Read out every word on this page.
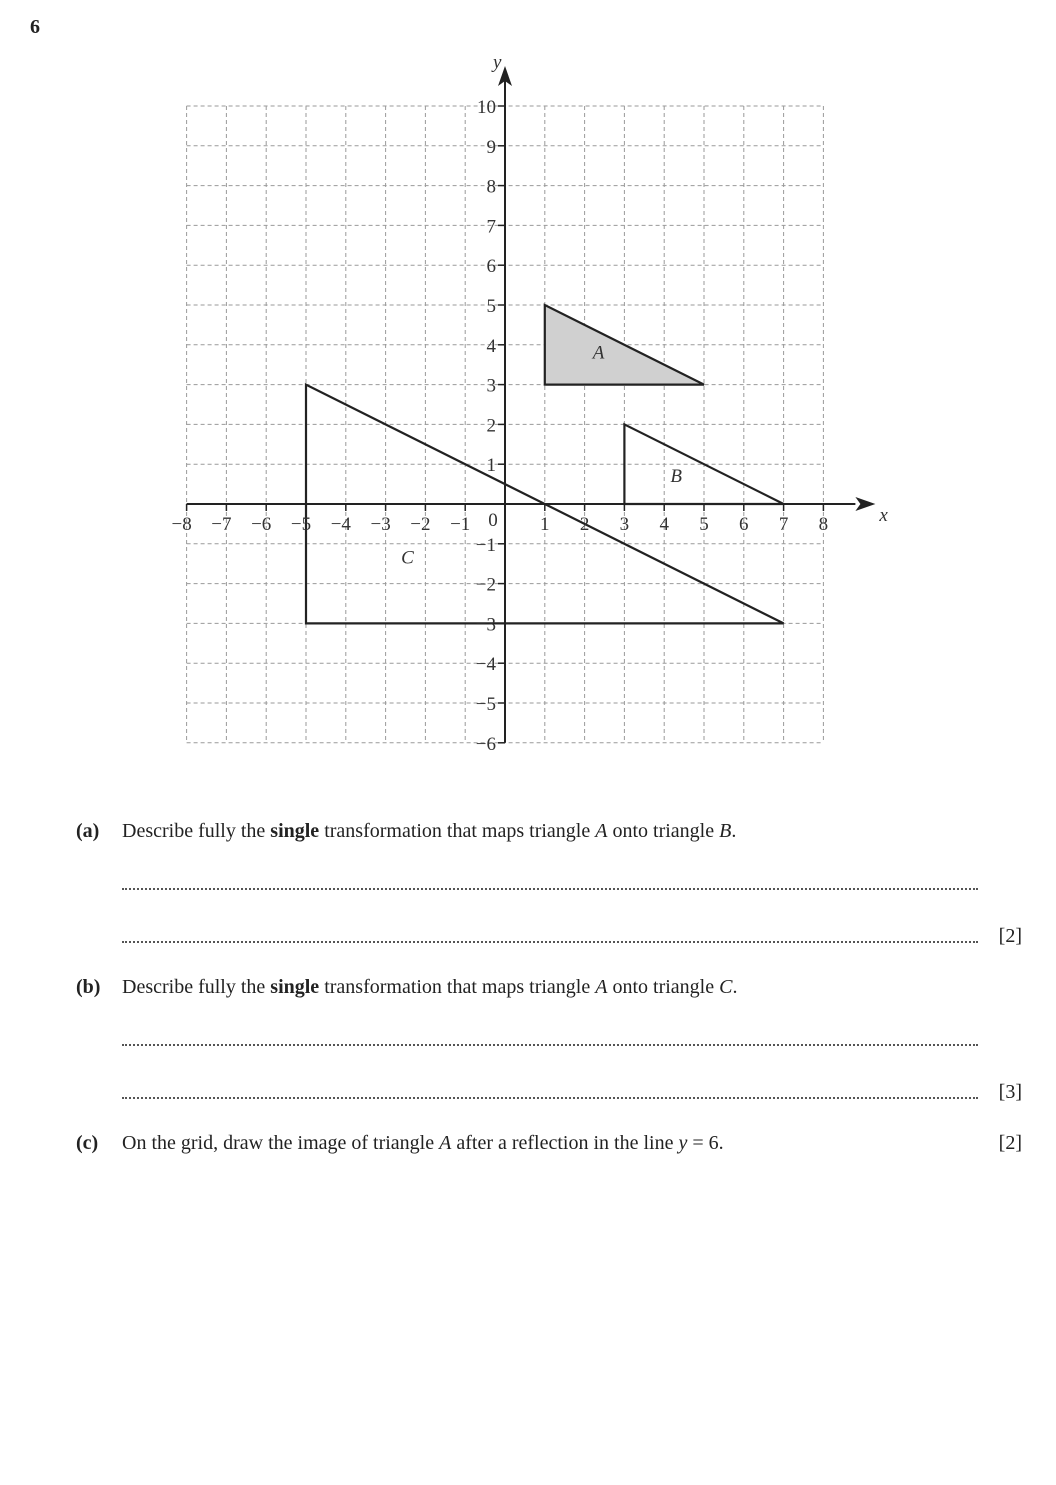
6
x
y
−8 −7 −6 −5 −4 −3 −2 −1	1 2 3 4 5 6 7 8
−6
−5
−4
−3
−2
−1
1
2
3
4
5
6
7
8
9
10
0
A
B
C
(a) Describe fully the single transformation that maps triangle A onto triangle B.
[2]
(b) Describe fully the single transformation that maps triangle A onto triangle C.
[3]
(c) On the grid, draw the image of triangle A after a reflection in the line y = 6.	[2]
